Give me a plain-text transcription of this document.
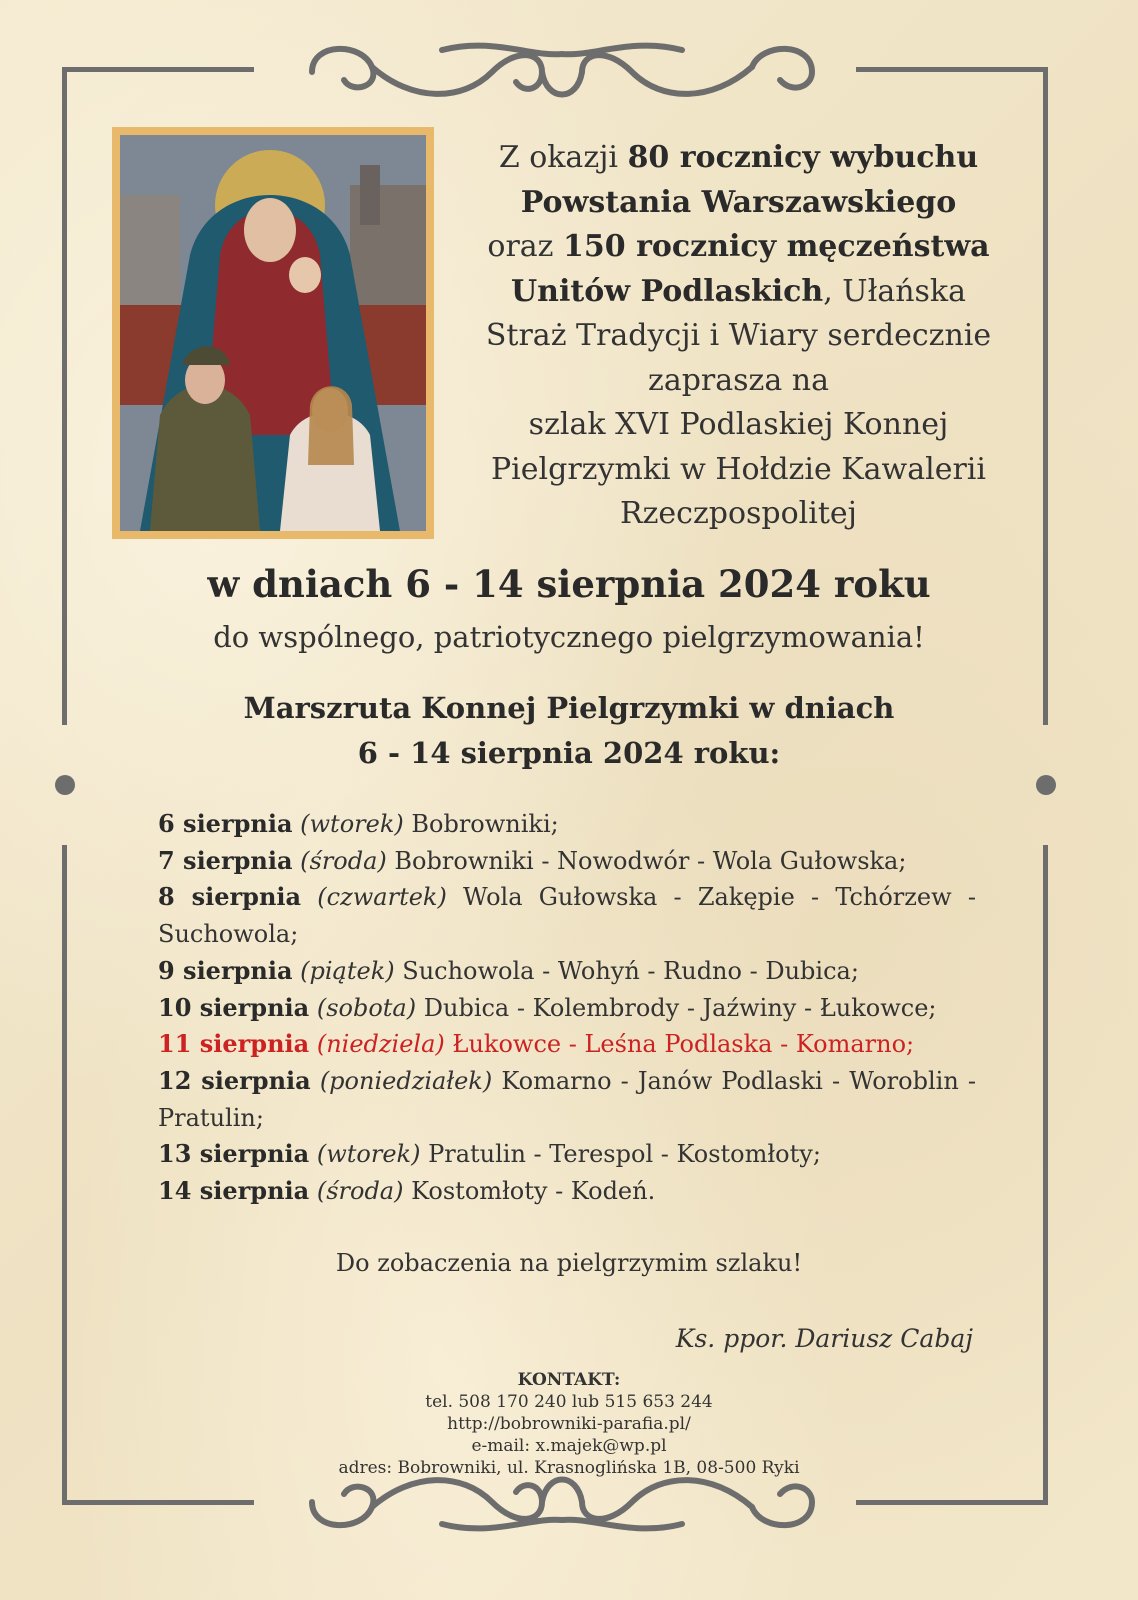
Z okazji 80 rocznicy wybuchu
Powstania Warszawskiego
oraz 150 rocznicy męczeństwa
Unitów Podlaskich, Ułańska
Straż Tradycji i Wiary serdecznie
zaprasza na
szlak XVI Podlaskiej Konnej
Pielgrzymki w Hołdzie Kawalerii
Rzeczpospolitej
w dniach 6 - 14 sierpnia 2024 roku
do wspólnego, patriotycznego pielgrzymowania!
Marszruta Konnej Pielgrzymki w dniach
6 - 14 sierpnia 2024 roku:
6 sierpnia (wtorek) Bobrowniki;
7 sierpnia (środa) Bobrowniki - Nowodwór - Wola Gułowska;
8 sierpnia (czwartek) Wola Gułowska - Zakępie - Tchórzew - Suchowola;
9 sierpnia (piątek) Suchowola - Wohyń - Rudno - Dubica;
10 sierpnia (sobota) Dubica - Kolembrody - Jaźwiny - Łukowce;
11 sierpnia (niedziela) Łukowce - Leśna Podlaska - Komarno;
12 sierpnia (poniedziałek) Komarno - Janów Podlaski - Woroblin - Pratulin;
13 sierpnia (wtorek) Pratulin - Terespol - Kostomłoty;
14 sierpnia (środa) Kostomłoty - Kodeń.
Do zobaczenia na pielgrzymim szlaku!
Ks. ppor. Dariusz Cabaj
KONTAKT:
tel. 508 170 240 lub 515 653 244
http://bobrowniki-parafia.pl/
e-mail: x.majek@wp.pl
adres: Bobrowniki, ul. Krasnoglińska 1B, 08-500 Ryki
